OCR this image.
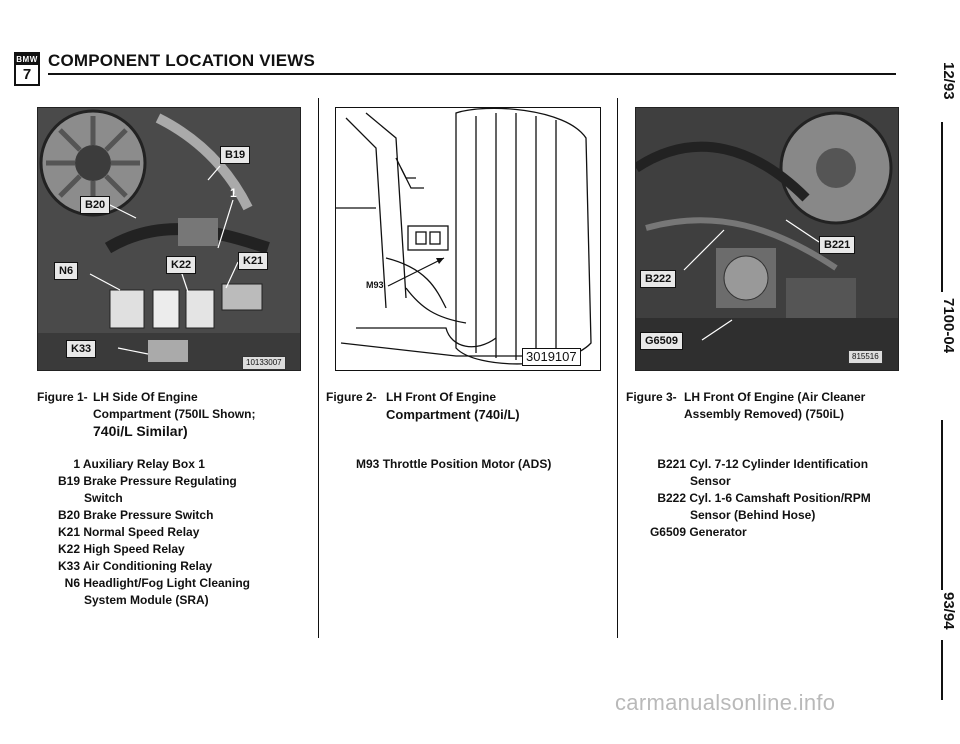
BMW
7
COMPONENT LOCATION VIEWS
12/93
7100-04
93/94
B19
B20
1
N6	K22	K21
K33
10133007
M93
3019107
B221
B222
G6509
815516
Figure 1- LH Side Of Engine
Compartment (750IL Shown;
740i/L Similar)
1 Auxiliary Relay Box 1
B19 Brake Pressure Regulating
Switch
B20 Brake Pressure Switch
K21 Normal Speed Relay
K22 High Speed Relay
K33 Air Conditioning Relay
N6 Headlight/Fog Light Cleaning
System Module (SRA)
Figure 2- LH Front Of Engine
Compartment (740i/L)
M93 Throttle Position Motor (ADS)
Figure 3- LH Front Of Engine (Air Cleaner
Assembly Removed) (750iL)
B221 Cyl. 7-12 Cylinder Identification
Sensor
B222 Cyl. 1-6 Camshaft Position/RPM
Sensor (Behind Hose)
G6509 Generator
carmanualsonline.info
